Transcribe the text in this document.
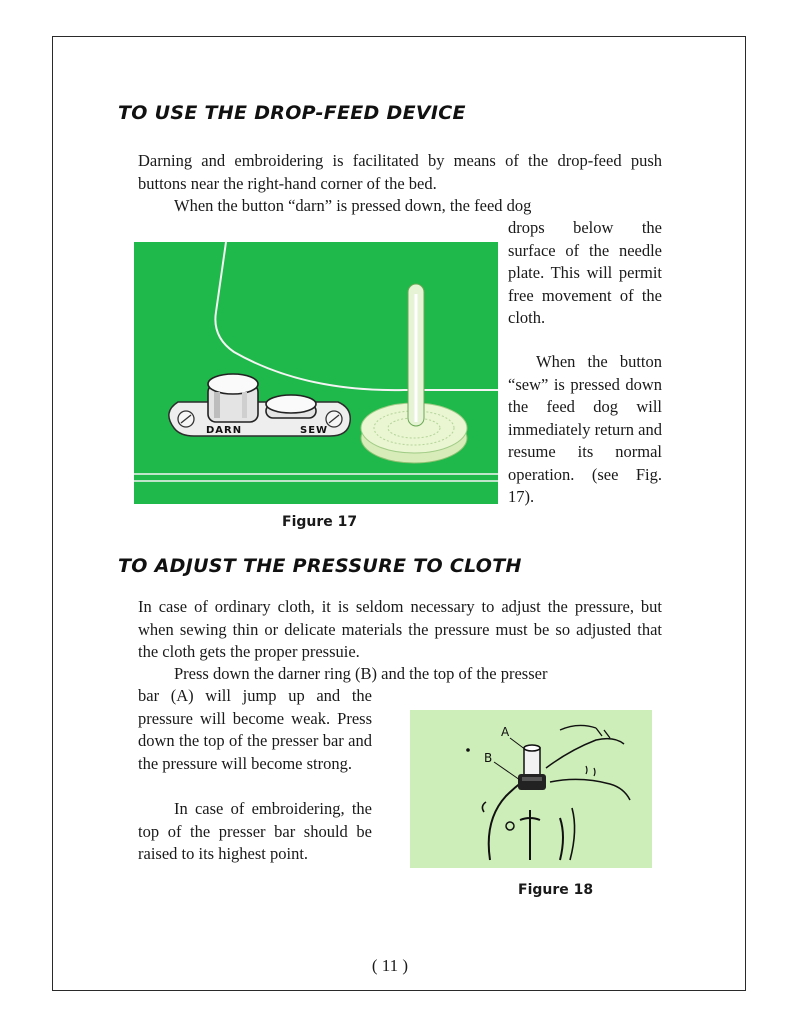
TO USE THE DROP-FEED DEVICE

Darning and embroidering is facilitated by means of the drop-feed push buttons near the right-hand corner of the bed.

When the button “darn” is pressed down, the feed dog

drops below the surface of the needle plate. This will permit free movement of the cloth.

When the button “sew” is pressed down the feed dog will immediately return and resume its normal operation. (see Fig. 17).

DARN	SEW

Figure 17

TO ADJUST THE PRESSURE TO CLOTH

In case of ordinary cloth, it is seldom necessary to adjust the pressure, but when sewing thin or delicate materials the pressure must be so adjusted that the cloth gets the proper pressuie.

Press down the darner ring (B) and the top of the presser

bar (A) will jump up and the pressure will become weak. Press down the top of the presser bar and the pressure will become strong.

In case of embroidering, the top of the presser bar should be raised to its highest point.

A
B

Figure 18

( 11 )
